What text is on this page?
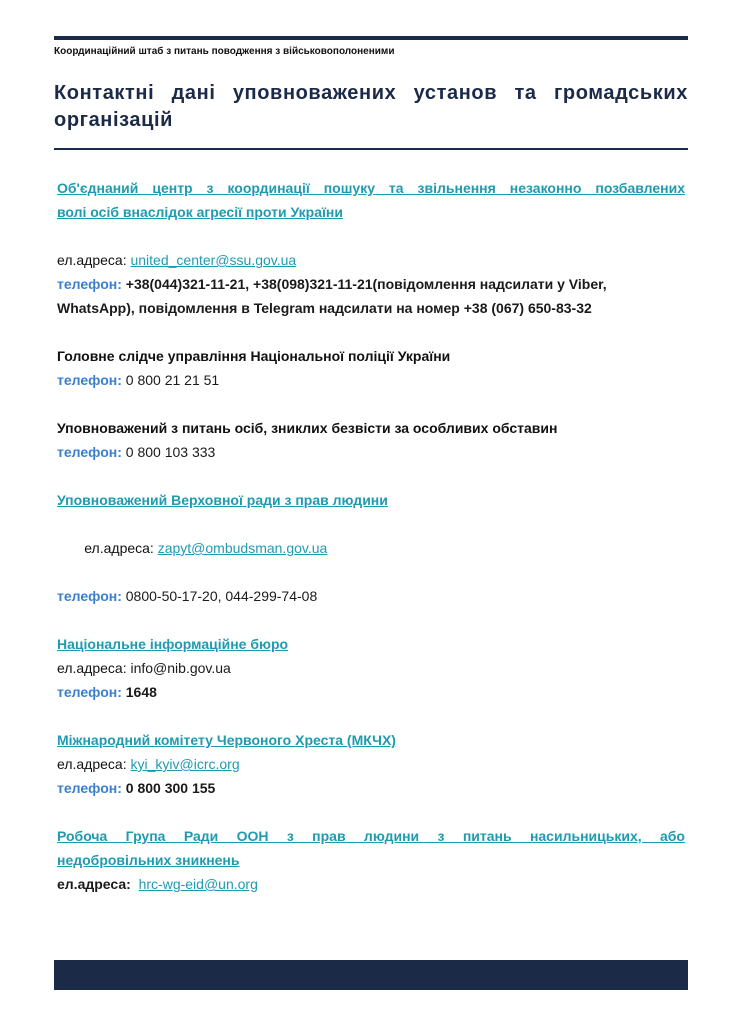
Координаційний штаб з питань поводження з військовополоненими
Контактні дані уповноважених установ та громадських організацій
Об'єднаний центр з координації пошуку та звільнення незаконно позбавлених
волі осіб внаслідок агресії проти України
ел.адреса: united_center@ssu.gov.ua
телефон: +38(044)321-11-21, +38(098)321-11-21(повідомлення надсилати у Viber, WhatsApp), повідомлення в Telegram надсилати на номер +38 (067) 650-83-32
Головне слідче управління Національної поліції України
телефон: 0 800 21 21 51
Уповноважений з питань осіб, зниклих безвісти за особливих обставин
телефон: 0 800 103 333
Уповноважений Верховної ради з прав людини

ел.адреса: zapyt@ombudsman.gov.ua

телефон: 0800-50-17-20, 044-299-74-08
Національне інформаційне бюро
ел.адреса: info@nib.gov.ua
телефон: 1648
Міжнародний комітету Червоного Хреста (МКЧХ)
ел.адреса: kyi_kyiv@icrc.org
телефон: 0 800 300 155
Робоча Група Ради ООН з прав людини з питань насильницьких, або
недобровільних зникнень
ел.адреса:  hrc-wg-eid@un.org
